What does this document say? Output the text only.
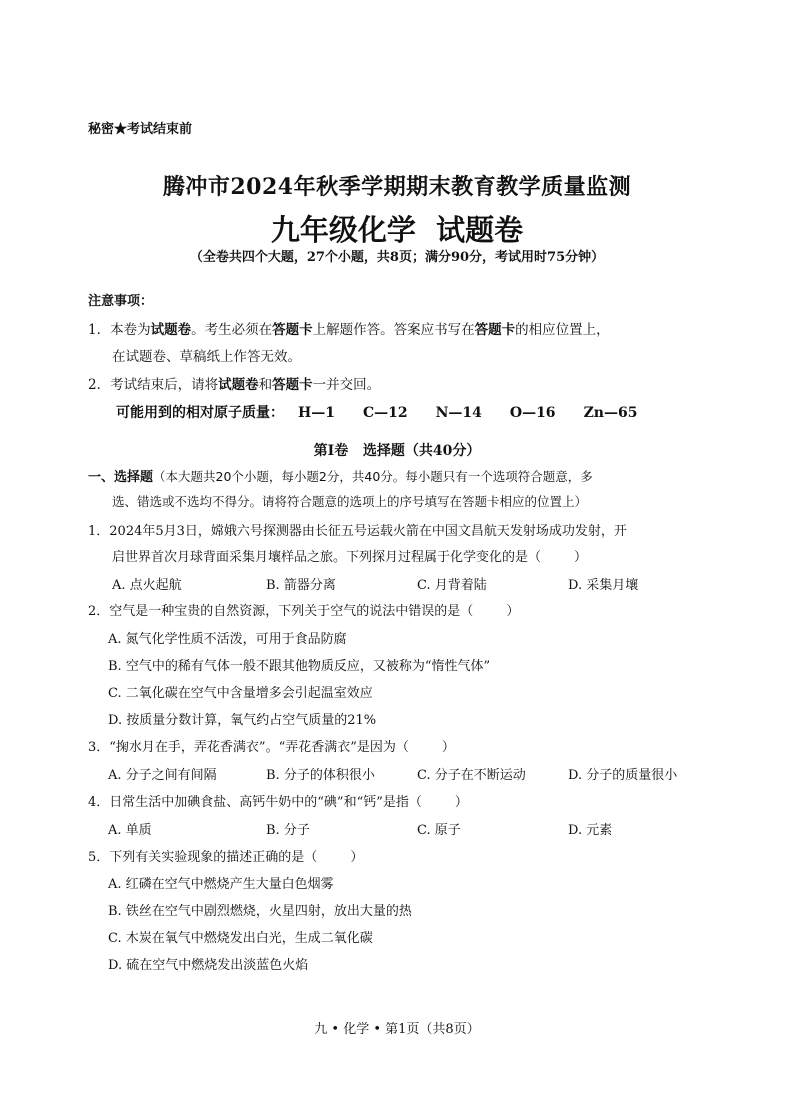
秘密★考试结束前
腾冲市2024年秋季学期期末教育教学质量监测
九年级化学  试题卷
（全卷共四个大题，27个小题，共8页；满分90分，考试用时75分钟）
注意事项：
1．本卷为试题卷。考生必须在答题卡上解题作答。答案应书写在答题卡的相应位置上，
在试题卷、草稿纸上作答无效。
2．考试结束后，请将试题卷和答题卡一并交回。
可能用到的相对原子质量： H—1 C—12 N—14 O—16 Zn—65
第Ⅰ卷   选择题（共40分）
一、选择题（本大题共20个小题，每小题2分，共40分。每小题只有一个选项符合题意，多
选、错选或不选均不得分。请将符合题意的选项上的序号填写在答题卡相应的位置上）
1．2024年5月3日，嫦娥六号探测器由长征五号运载火箭在中国文昌航天发射场成功发射，开
启世界首次月球背面采集月壤样品之旅。下列探月过程属于化学变化的是（        ）
A. 点火起航	B. 箭器分离	C. 月背着陆	D. 采集月壤
2．空气是一种宝贵的自然资源，下列关于空气的说法中错误的是（        ）
A. 氮气化学性质不活泼，可用于食品防腐
B. 空气中的稀有气体一般不跟其他物质反应，又被称为“惰性气体”
C. 二氧化碳在空气中含量增多会引起温室效应
D. 按质量分数计算，氧气约占空气质量的21%
3．“掬水月在手，弄花香满衣”。“弄花香满衣”是因为（        ）
A. 分子之间有间隔	B. 分子的体积很小	C. 分子在不断运动	D. 分子的质量很小
4．日常生活中加碘食盐、高钙牛奶中的“碘”和“钙”是指（        ）
A. 单质	B. 分子	C. 原子	D. 元素
5．下列有关实验现象的描述正确的是（        ）
A. 红磷在空气中燃烧产生大量白色烟雾
B. 铁丝在空气中剧烈燃烧，火星四射，放出大量的热
C. 木炭在氧气中燃烧发出白光，生成二氧化碳
D. 硫在空气中燃烧发出淡蓝色火焰
九 • 化学 • 第1页（共8页）
